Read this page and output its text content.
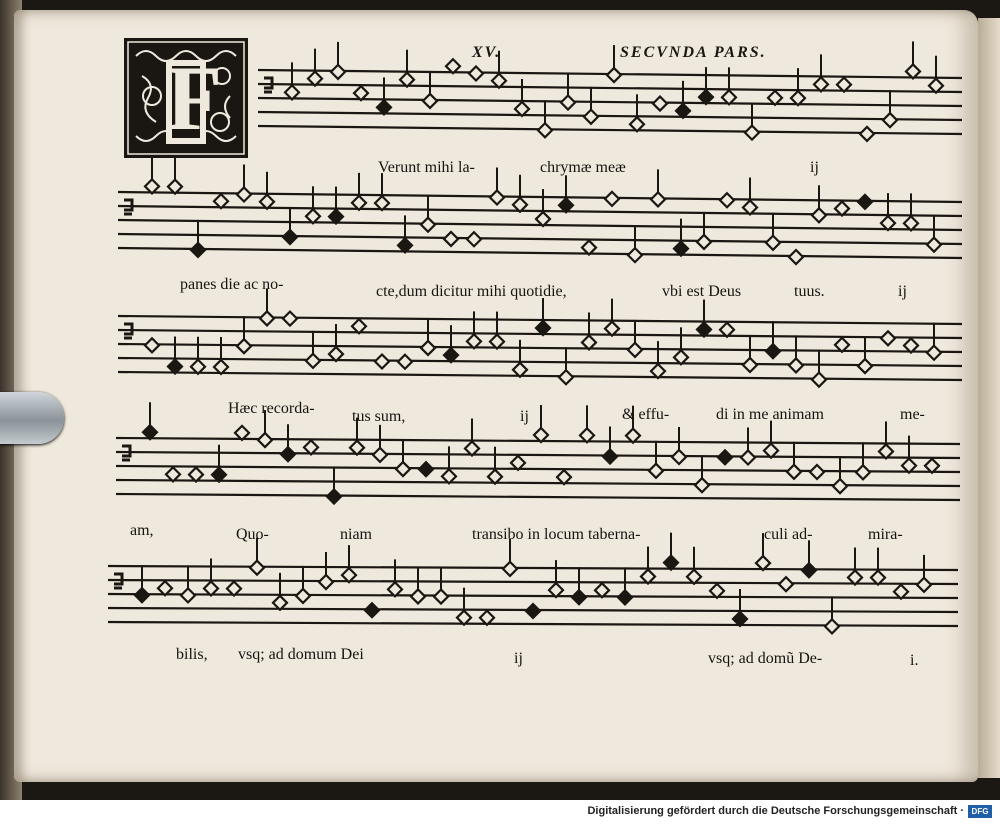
XV.	SECVNDA PARS.
F
Verunt mihi la-	chrymæ meæ	ij
panes die ac no-	cte,dum dicitur mihi quotidie,	vbi est Deus	tuus.	ij
Hæc recorda- tus sum,	ij	& effu-	di in me animam	me-
am,	Quo-	niam	transibo in locum taberna-	culi ad-	mira-
bilis, vsq; ad domum Dei	ij	vsq; ad domũ De-	i.
Digitalisierung gefördert durch die Deutsche Forschungsgemeinschaft · DFG
